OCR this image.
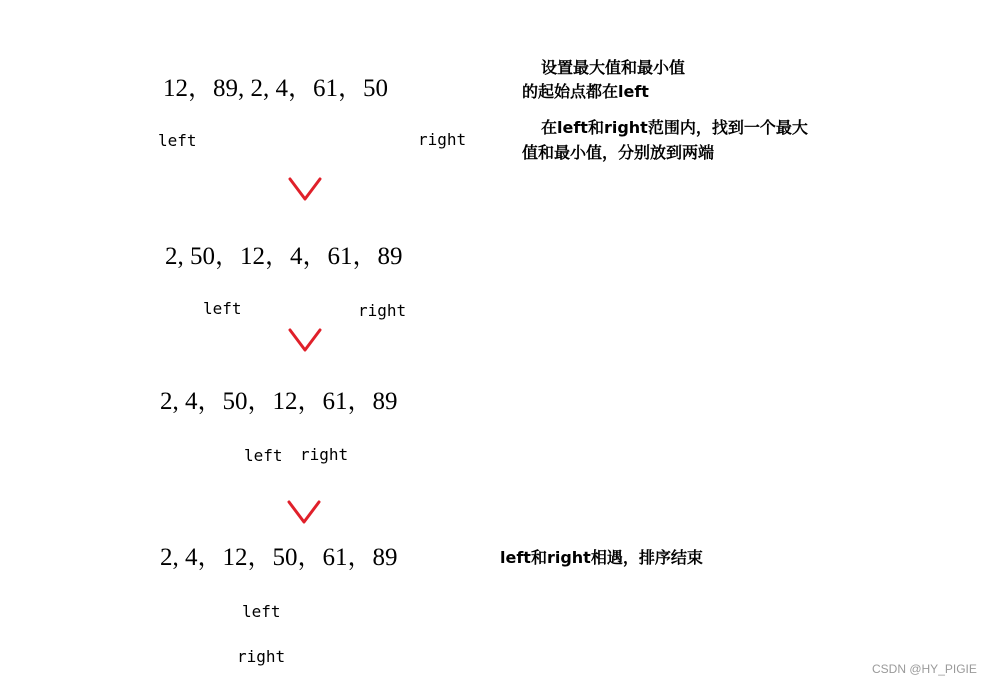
12，89, 2, 4，61，50
left	right
设置最大值和最小值
的起始点都在left
在left和right范围内，找到一个最大
值和最小值，分别放到两端
2, 50，12，4，61，89
left	right
2, 4，50，12，61，89
left right
2, 4，12，50，61，89
left
right
left和right相遇，排序结束
CSDN @HY_PIGIE
